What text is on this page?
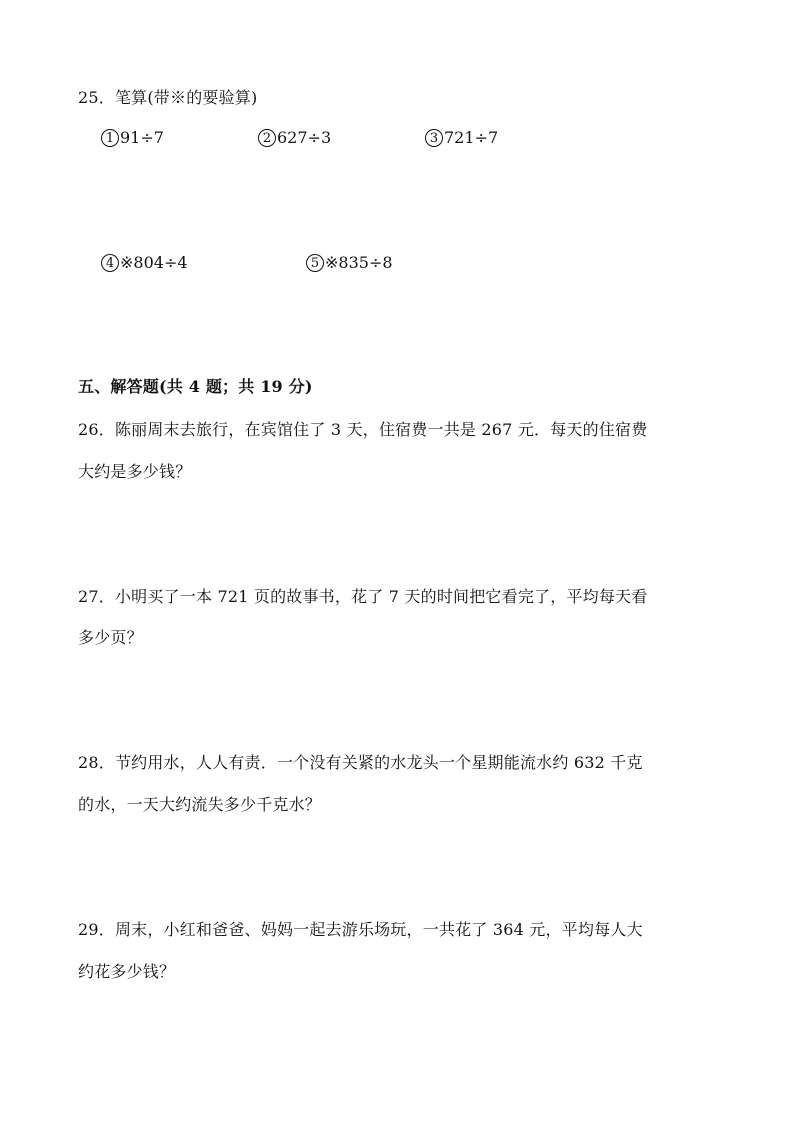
25．笔算(带※的要验算)
1 91÷7	2 627÷3	3 721÷7
4 ※ 804÷4	5 ※ 835÷8
五、解答题(共 4 题；共 19 分)
26．陈丽周末去旅行，在宾馆住了 3 天，住宿费一共是 267 元．每天的住宿费
大约是多少钱？
27．小明买了一本 721 页的故事书，花了 7 天的时间把它看完了，平均每天看
多少页？
28．节约用水，人人有责．一个没有关紧的水龙头一个星期能流水约 632 千克
的水，一天大约流失多少千克水？
29．周末，小红和爸爸、妈妈一起去游乐场玩，一共花了 364 元，平均每人大
约花多少钱？
